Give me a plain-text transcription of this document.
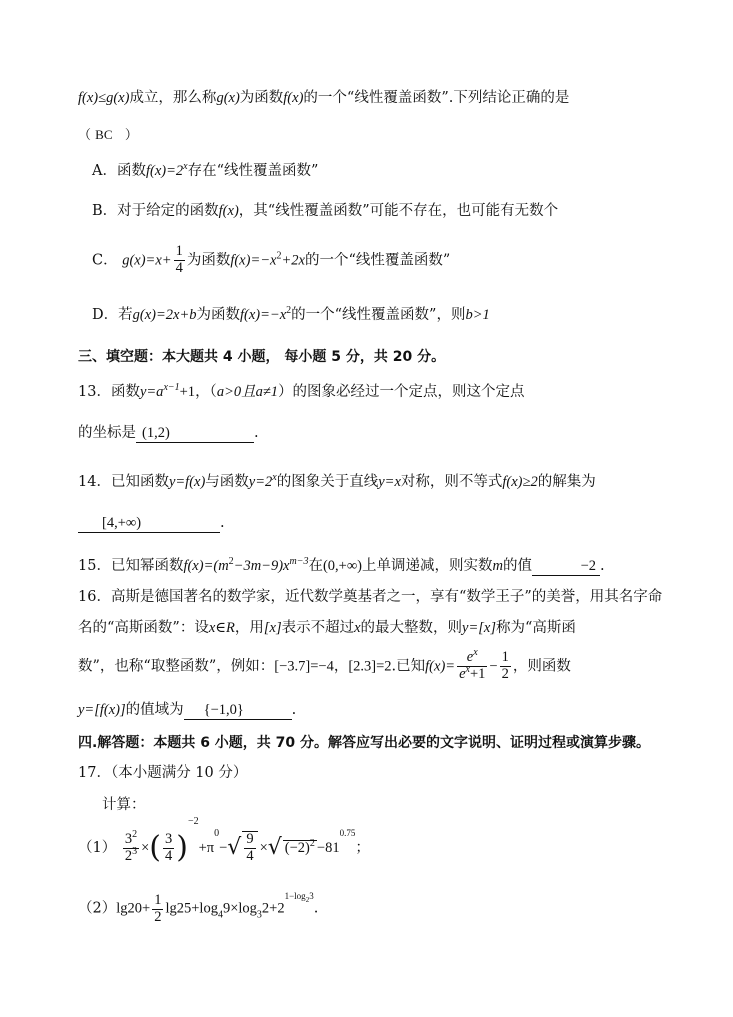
f(x)≤g(x)成立，那么称g(x)为函数f(x)的一个“线性覆盖函数”.下列结论正确的是
（ BC ）
A．函数$f(x)=2^x$存在“线性覆盖函数”
B．对于给定的函数f(x)，其“线性覆盖函数”可能不存在，也可能有无数个
C． $g(x)=x+ \frac{1}{4}$ 为函数$f(x)=-x^2+2x$的一个“线性覆盖函数”
D．若g(x)=2x+b为函数$f(x)=-x^2$的一个“线性覆盖函数”，则b>1
三、填空题：本大题共 4 小题， 每小题 5 分，共 20 分。
13．函数$y=a^{x-1}+1$，（a>0且a≠1）的图象必经过一个定点，则这个定点
的坐标是 (1,2)	.
14．已知函数y=f(x)与函数$y=2^x$的图象关于直线y=x对称，则不等式f(x)≥2的解集为
[4,+∞)	.
15．已知幂函数$f(x)=(m^2-3m-9)x^{m-3}$在(0,+∞)上单调递减，则实数m的值	−2 .
16．高斯是德国著名的数学家，近代数学奠基者之一，享有“数学王子”的美誉，用其名字命
名的“高斯函数”：设x∈R，用[x]表示不超过x的最大整数，则y=[x]称为“高斯函
数”，也称“取整函数”，例如：[−3.7]=−4，[2.3]=2.已知$f(x)= \frac{e^x}{e^x+1} - \frac{1}{2}$ ，则函数
y=[f(x)]的值域为 {−1,0}	.
四.解答题：本题共 6 小题，共 70 分。解答应写出必要的文字说明、证明过程或演算步骤。
17．（本小题满分 10 分）
计算：
$(1) \frac{3^2}{2^3}$ ×( $\frac{3}{4} )^{-2}+\pi^0-√ \frac{9}{4}$ ×√ $(-2)^2 -81^{0.75}$；
$(2)\lg 20+ \frac{1}{2} \lg 25+\log_49\times\log_32+2^{1-log_23}$.
